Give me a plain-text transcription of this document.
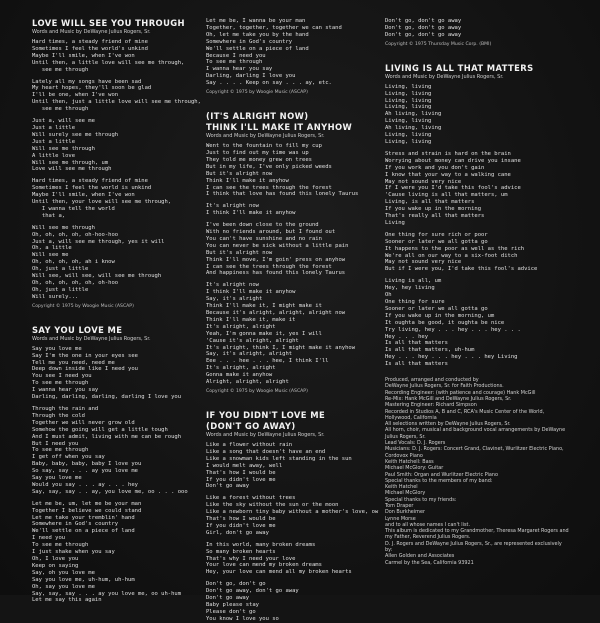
LOVE WILL SEE YOU THROUGH
Words and Music by DeWayne Julius Rogers, Sr.
Hard times, a steady friend of mine
Sometimes I feel the world's unkind
Maybe I'll smile, when I've won
Until then, a little love will see me through,
see me through
Lately all my songs have been sad
My heart hopes, they'll soon be glad
I'll be one, when I've won
Until then, just a little love will see me through,
see me through
Just a, will see me
Just a little
Will surely see me through
Just a little
Will see me through
A little love
Will see me through, um
Love will see me through
Hard times, a steady friend of mine
Sometimes I feel the world is unkind
Maybe I'll smile, when I've won
Until then, your love will see me through,
I wanna tell the world
that a,
Will see me through
Oh, oh, oh, oh, oh-hoo-hoo
Just a, will see me through, yes it will
Oh, a little
Will see me
Oh, oh, oh, oh, ah i know
Oh, just a little
Will see, will see, will see me through
Oh, oh, oh, oh, oh, oh-hoo
Oh, just a little
Will surely...
Copyright © 1975 by Woogie Music (ASCAP)
SAY YOU LOVE ME
Words and Music by DeWayne Julius Rogers, Sr.
Say you love me
Say I'm the one in your eyes see
Tell me you need, need me
Deep down inside like I need you
You see I need you
To see me through
I wanna hear you say
Darling, darling, darling, darling I love you
Through the rain and
Through the cold
Together we will never grow old
Somehow the going will get a little tough
And I must admit, living with me can be rough
But I need you
To see me through
I get off when you say
Baby, baby, baby, baby I love you
So say, say . . . ay you love me
Say you love me
Would you say . . . ay . . . hey
Say, say, say . . ay, you love me, oo . . . ooo
Let me be, um, let me be your man
Together I believe we could stand
Let me take your tremblin' hand
Somewhere in God's country
We'll settle on a piece of land
I need you
To see me through
I just shake when you say
Oh, I love you
Keep on saying
Say, oh you love me
Say you love me, uh-hum, uh-hum
Oh, say you love me
Say, say, say . . . ay you love me, oo uh-hum
Let me say this again
Let me be, I wanna be your man
Together, together, together we can stand
Oh, let me take you by the hand
Somewhere in God's country
We'll settle on a piece of land
Because I need you
To see me through
I wanna hear you say
Darling, darling I love you
Say . . . . Keep on say . . . ay, etc.
Copyright © 1975 by Woogie Music (ASCAP)
(IT'S ALRIGHT NOW)
THINK I'LL MAKE IT ANYHOW
Words and Music by DeWayne Julius Rogers, Sr.
Went to the fountain to fill my cup
Just to find out my time was up
They told me money grew on trees
But in my life, I've only picked weeds
But it's alright now
Think I'll make it anyhow
I can see the trees through the forest
I think that love has found this lonely Taurus
It's alright now
I think I'll make it anyhow
I've been down close to the ground
With no friends around, but I found out
You can't have sunshine and no rain
You can never be sick without a little pain
But it's alright now
Think I'll move, I'm goin' press on anyhow
I can see the trees through the forest
And happiness has found this lonely Taurus
It's alright now
I think I'll make it anyhow
Say, it's alright
Think I'll make it, I might make it
Because it's alright, alright, alright now
Think I'll make it, make it
It's alright, alright
Yeah, I'm gonna make it, yes I will
'Cause it's alright, alright
It's alright, think I, I might make it anyhow
Say, it's alright, alright
Eee . . . hee . . . hee, I think I'll
It's alright, alright
Gonna make it anyhow
Alright, alright, alright
Copyright © 1975 by Woogie Music (ASCAP)
IF YOU DIDN'T LOVE ME
(DON'T GO AWAY)
Words and Music by DeWayne Julius Rogers, Sr.
Like a flower without rain
Like a song that doesn't have an end
Like a snowman kids left standing in the sun
I would melt away, well
That's how I would be
If you didn't love me
Don't go away
Like a forest without trees
Like the sky without the sun or the moon
Like a newborn tiny baby without a mother's love, ow
That's how I would be
If you didn't love me
Girl, don't go away
In this world, many broken dreams
So many broken hearts
That's why I need your love
Your love can mend my broken dreams
Hey, your love can mend all my broken hearts
Don't go, don't go
Don't go away, don't go away
Don't go away
Baby please stay
Please don't go
You know I love you so
Don't go, don't go away
Don't go, don't go away
Don't go, don't go away
Copyright © 1975 Thursday Music Corp. (BMI)
LIVING IS ALL THAT MATTERS
Words and Music by DeWayne Julius Rogers, Sr.
Living, living
Living, living
Living, living
Living, living
Ah living, living
Living, living
Ah living, living
Living, living
Living, living
Stress and strain is hard on the brain
Worrying about money can drive you insane
If you work and you don't gain
I know that your way to a walking cane
May not sound very nice
If I were you I'd take this fool's advice
'Cause living is all that matters, um
Living, is all that matters
If you wake up in the morning
That's really all that matters
Living
One thing for sure rich or poor
Sooner or later we all gotta go
It happens to the poor as well as the rich
We're all on our way to a six-foot ditch
May not sound very nice
But if I were you, I'd take this fool's advice
Living is all, um
Hey, hey living
Oh
One thing for sure
Sooner or later we all gotta go
If you wake up in the morning, um
It oughta be good, it oughta be nice
Try living, hey . . . hey . . . hey . . .
Hey . . . hey
Is all that matters
Is all that matters, uh-hum
Hey . . . hey . . . hey . . . hey Living
Is all that matters
Produced, arranged and conducted by
DeWayne Julius Rogers, Sr. for Faith Productions.
Recording Engineer: (with patience and courage) Hank McGill
Re-Mix: Hank McGill and DeWayne Julius Rogers, Sr.
Mastering Engineer: Richard Simpson
Recorded in Studios A, B and C, RCA's Music Center of the World, Hollywood, California
All selections written by DeWayne Julius Rogers, Sr.
All horn, choir, musical and background vocal arrangements by DeWayne Julius Rogers, Sr.
Lead Vocals: D. J. Rogers
Musicians: D. J. Rogers: Concert Grand, Clavinet, Wurlitzer Electric Piano, Cordovox Piano
Keith Hatchell: Bass
Michael McGlory: Guitar
Paul Smith: Organ and Wurlitzer Electric Piano
Special thanks to the members of my band:
Keith Hatchel
Michael McGlory
Special thanks to my friends:
Tom Draper
Don Burkheimer
Lynne Morse
and to all whose names I can't list.
This album is dedicated to my Grandmother, Theresa Margaret Rogers and my Father, Reverend Julius Rogers.
D. J. Rogers and DeWayne Julius Rogers, Sr., are represented exclusively by:
Allen Golden and Associates
Carmel by the Sea, California 93921
